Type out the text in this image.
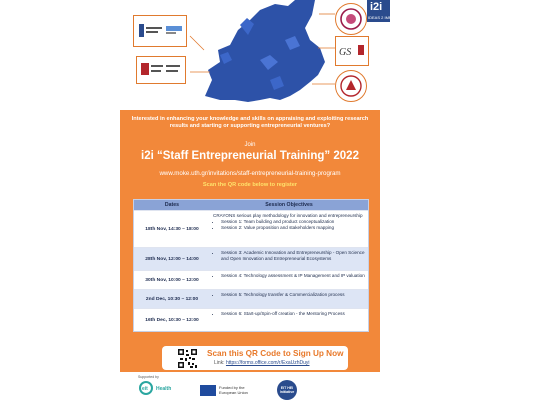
GS
i2i
IDEAS 2 IMPACT
Interested in enhancing your knowledge and skills on appraising and exploiting research results and starting or supporting entrepreneurial ventures?
Join
i2i “Staff Entrepreneurial Training” 2022
www.moke.uth.gr/invitations/staff-entrepreneurial-training-program
Scan the QR code below to register
Dates	Session Objectives
18th Nov, 14:30 – 18:00
CRAYONS serious play methodology for innovation and entrepreneurship
• Session 1: Team building and product conceptualization
• Session 2: Value proposition and stakeholders mapping
28th Nov, 12:00 – 14:00
• Session 3: Academic Innovation and Entrepreneurship - Open Science and Open Innovation and Entrepreneurial Ecosystems
30th Nov, 10:00 – 12:00
• Session 4: Technology assessment & IP Management and IP valuation
2nd Dec, 10:30 – 12:00
• Session 5: Technology transfer & Commercialization process
16th Dec, 10:30 – 12:00
• Session 6: Start-up/Spin-off creation - the Mentoring Process
Scan this QR Code to Sign Up Now
Link: https://forms.office.com/r/ExaUzhDuyi
Supported by
eit Health	Funded by the European Union
EIT HEI Initiative
